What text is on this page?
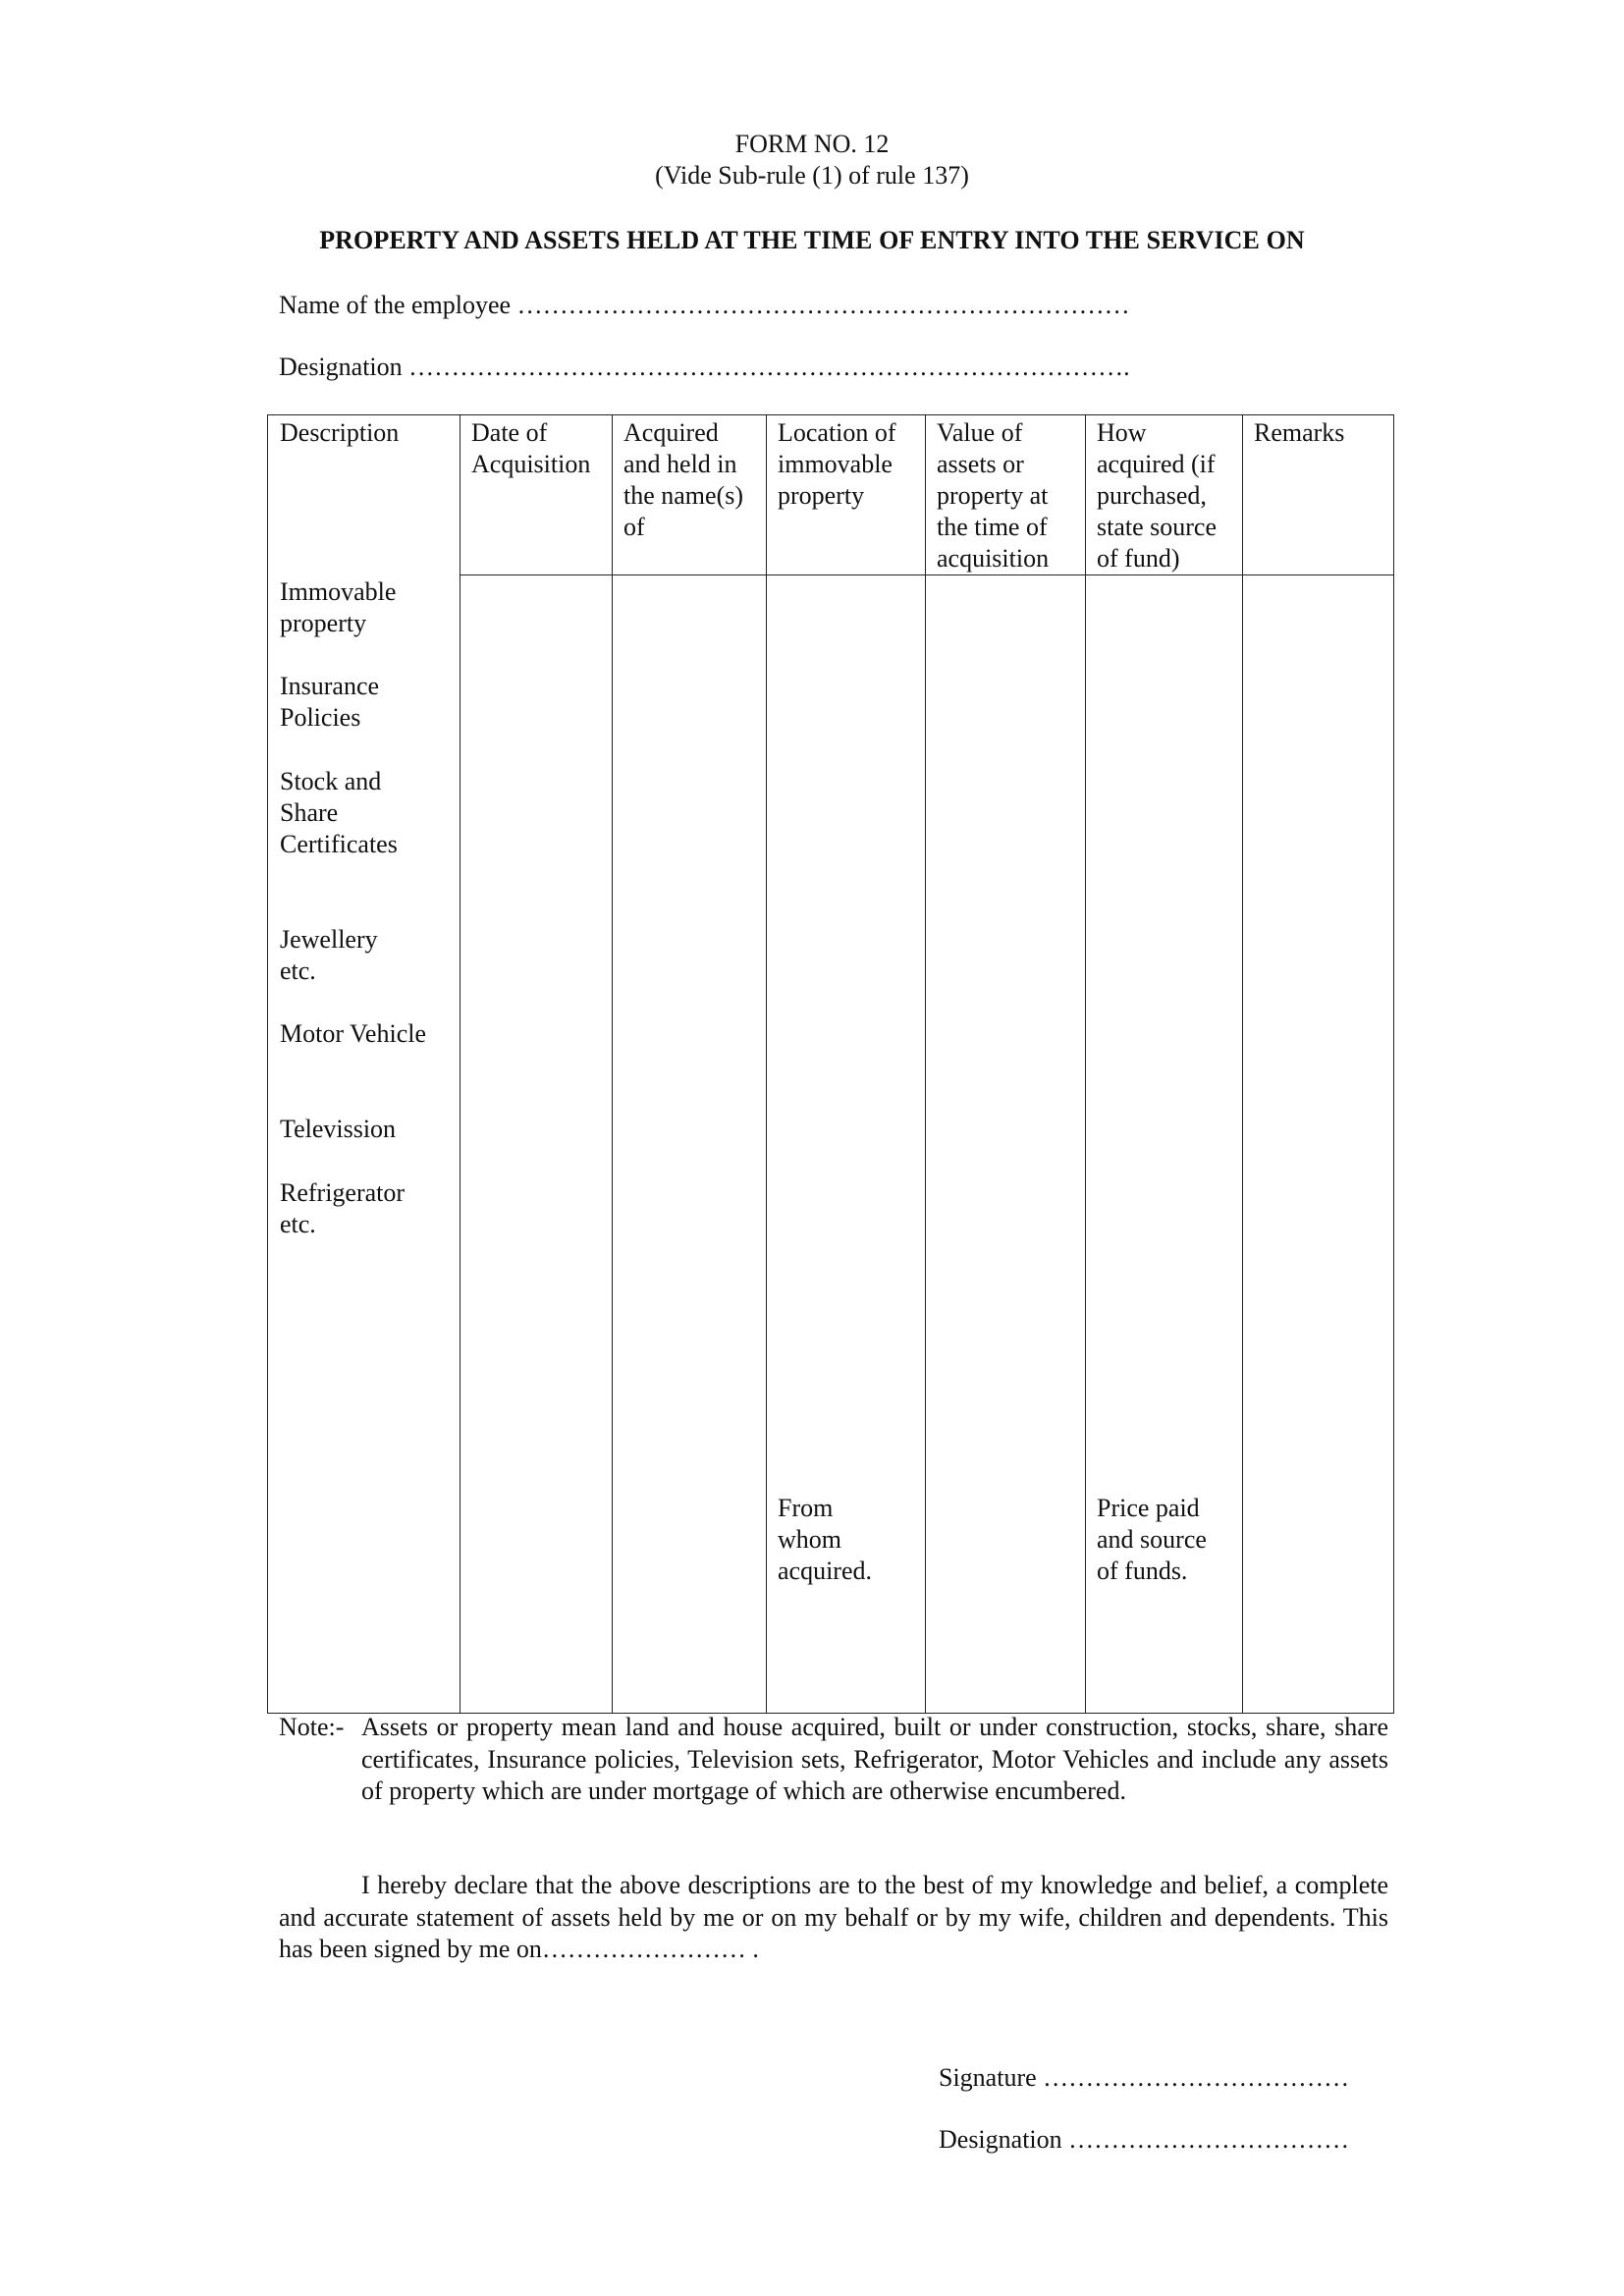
FORM NO. 12
(Vide Sub-rule (1) of rule 137)
PROPERTY AND ASSETS HELD AT THE TIME OF ENTRY INTO THE SERVICE ON
Name of the employee ………………………………………………………………
Designation ………………………………………………………………………….
Description	Date of
Acquisition
Acquired
and held in
the name(s)
of
Location of
immovable
property
Value of
assets or
property at
the time of
acquisition
How
acquired (if
purchased,
state source
of fund)
Remarks
Immovable
property
Insurance
Policies
Stock and
Share
Certificates
Jewellery
etc.
Motor Vehicle
Televission
Refrigerator
etc.
From
whom
acquired.
Price paid
and source
of funds.
Note:- Assets or property mean land and house acquired, built or under construction, stocks, share, share certificates, Insurance policies, Television sets, Refrigerator, Motor Vehicles and include any assets of property which are under mortgage of which are otherwise encumbered.
I hereby declare that the above descriptions are to the best of my knowledge and belief, a complete and accurate statement of assets held by me or on my behalf or by my wife, children and dependents. This has been signed by me on…………………… .
Signature ………………………………
Designation ……………………………
